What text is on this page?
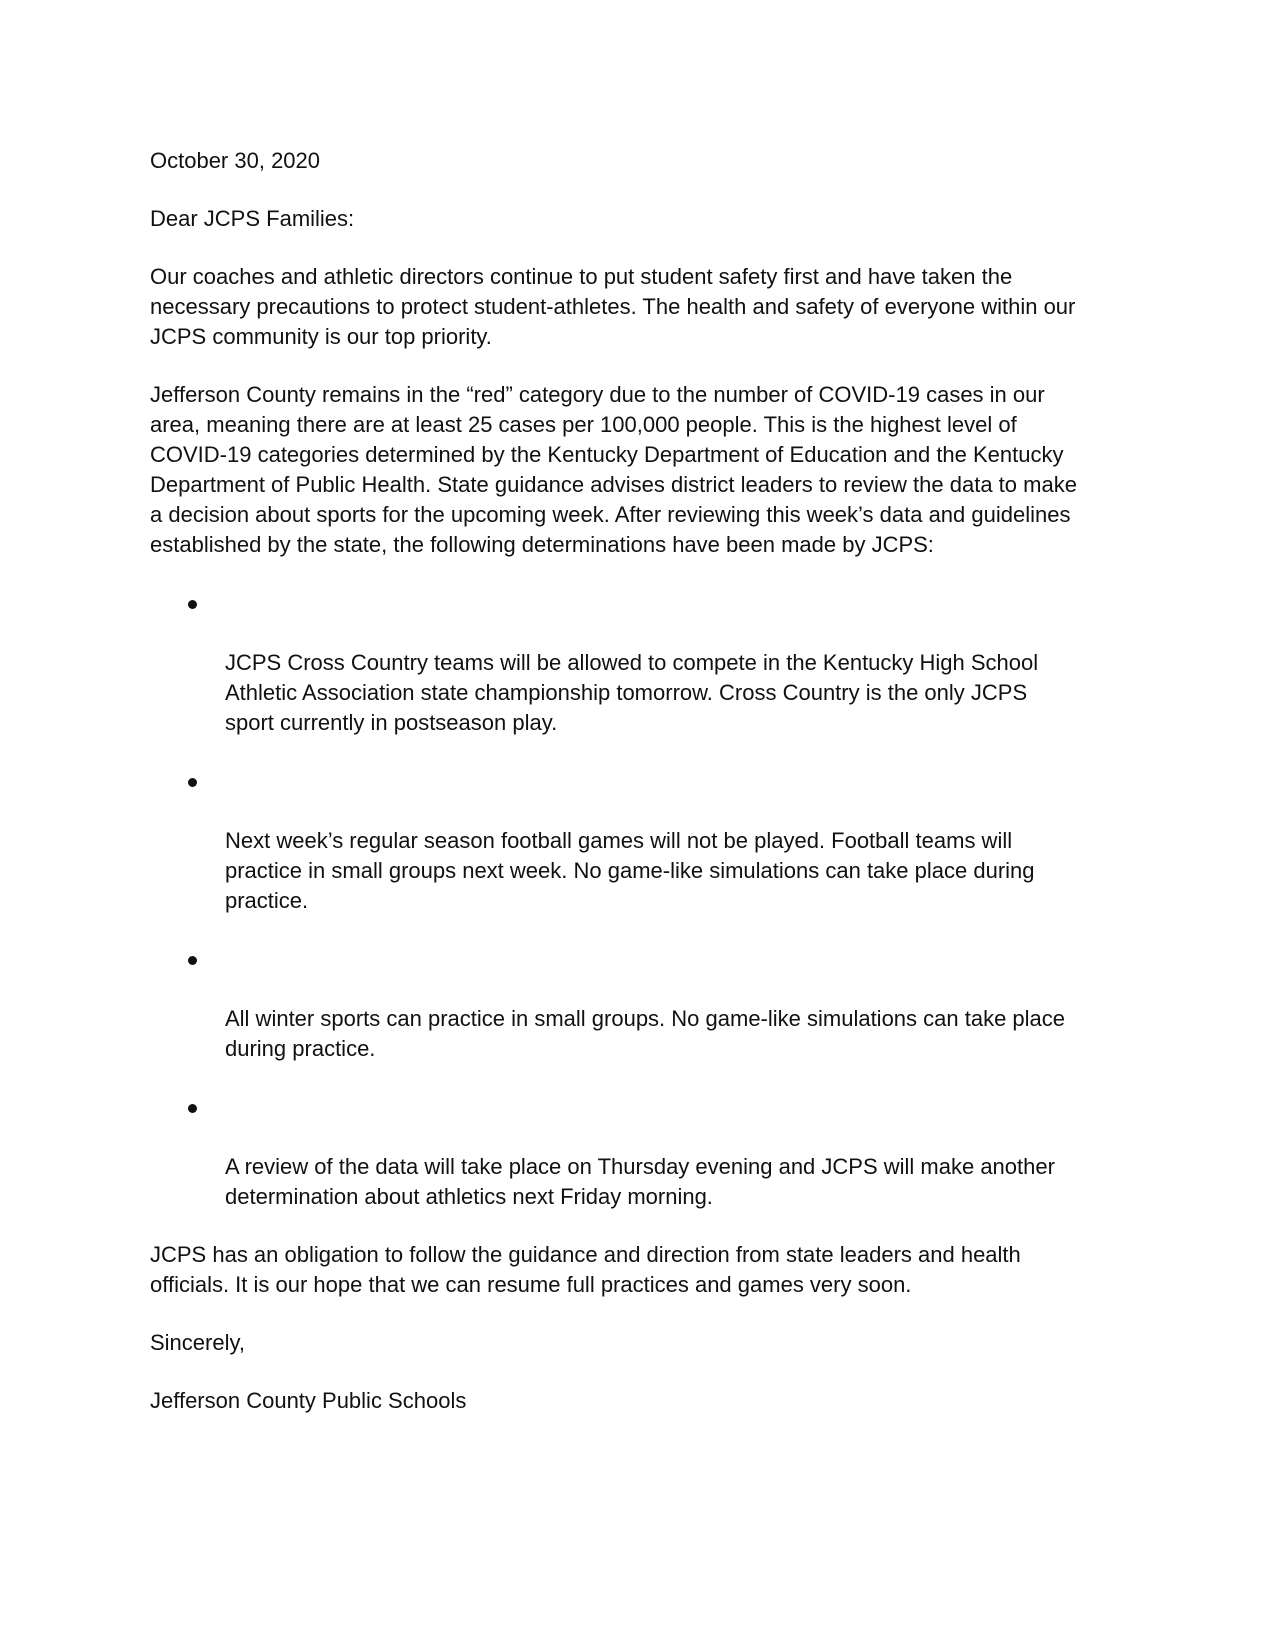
October 30, 2020
Dear JCPS Families:
Our coaches and athletic directors continue to put student safety first and have taken the
necessary precautions to protect student-athletes. The health and safety of everyone within our
JCPS community is our top priority.
Jefferson County remains in the “red” category due to the number of COVID-19 cases in our
area, meaning there are at least 25 cases per 100,000 people. This is the highest level of
COVID-19 categories determined by the Kentucky Department of Education and the Kentucky
Department of Public Health. State guidance advises district leaders to review the data to make
a decision about sports for the upcoming week. After reviewing this week’s data and guidelines
established by the state, the following determinations have been made by JCPS:

JCPS Cross Country teams will be allowed to compete in the Kentucky High School
Athletic Association state championship tomorrow. Cross Country is the only JCPS
sport currently in postseason play.

Next week’s regular season football games will not be played. Football teams will
practice in small groups next week. No game-like simulations can take place during
practice.

All winter sports can practice in small groups. No game-like simulations can take place
during practice.

A review of the data will take place on Thursday evening and JCPS will make another
determination about athletics next Friday morning.

JCPS has an obligation to follow the guidance and direction from state leaders and health
officials. It is our hope that we can resume full practices and games very soon.
Sincerely,
Jefferson County Public Schools
